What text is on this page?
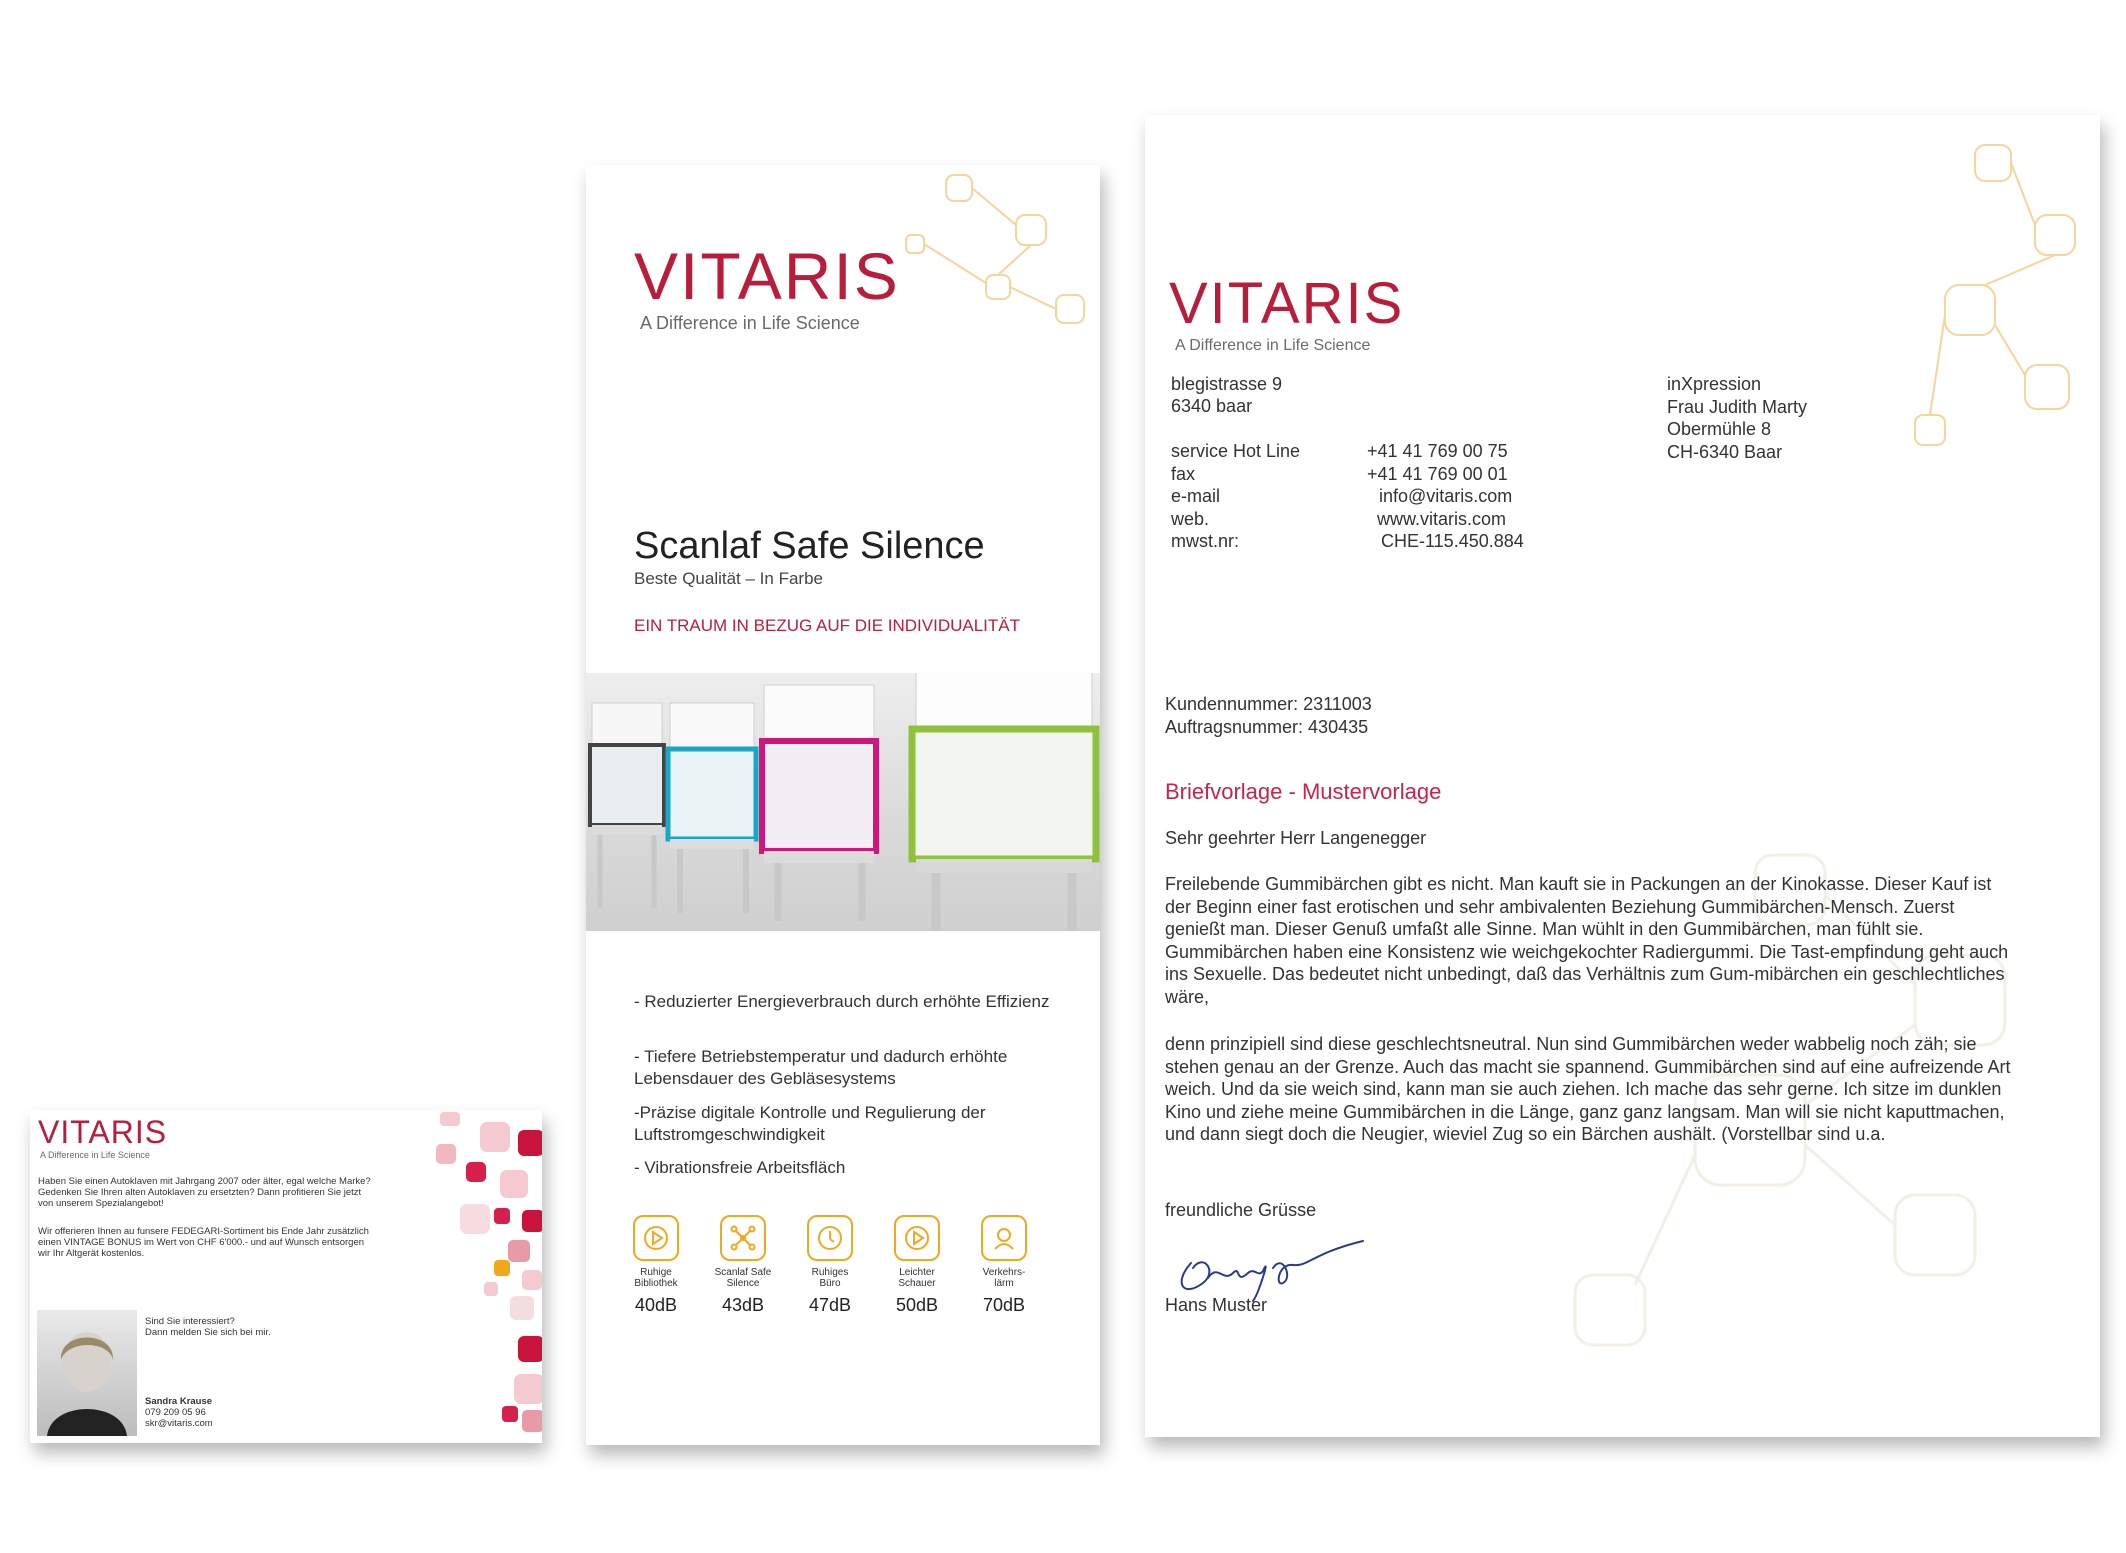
VITARIS
A Difference in Life Science
Scanlaf Safe Silence
Beste Qualität – In Farbe
EIN TRAUM IN BEZUG AUF DIE INDIVIDUALITÄT
- Reduzierter Energieverbrauch durch erhöhte Effizienz
- Tiefere Betriebstemperatur und dadurch erhöhte Lebensdauer des Gebläsesystems
-Präzise digitale Kontrolle und Regulierung der Luftstromgeschwindigkeit
- Vibrationsfreie Arbeitsfläch
Ruhige Bibliothek
40dB
Scanlaf Safe Silence
43dB
Ruhiges Büro
47dB
Leichter Schauer
50dB
Verkehrs-lärm
70dB
VITARIS
A Difference in Life Science
blegistrasse 9
6340 baar
service Hot Line
fax
e-mail
web.
mwst.nr:
+41 41 769 00 75
+41 41 769 00 01
info@vitaris.com
www.vitaris.com
CHE-115.450.884
inXpression
Frau Judith Marty
Obermühle 8
CH-6340 Baar
Kundennummer: 2311003
Auftragsnummer: 430435
Briefvorlage - Mustervorlage
Sehr geehrter Herr Langenegger
Freilebende Gummibärchen gibt es nicht. Man kauft sie in Packungen an der Kinokasse. Dieser Kauf ist der Beginn einer fast erotischen und sehr ambivalenten Beziehung Gummibärchen-Mensch. Zuerst genießt man. Dieser Genuß umfaßt alle Sinne. Man wühlt in den Gummibärchen, man fühlt sie. Gummibärchen haben eine Konsistenz wie weichgekochter Radiergummi. Die Tast-empfindung geht auch ins Sexuelle. Das bedeutet nicht unbedingt, daß das Verhältnis zum Gum-mibärchen ein geschlechtliches wäre,
denn prinzipiell sind diese geschlechtsneutral. Nun sind Gummibärchen weder wabbelig noch zäh; sie stehen genau an der Grenze. Auch das macht sie spannend. Gummibärchen sind auf eine aufreizende Art weich. Und da sie weich sind, kann man sie auch ziehen. Ich mache das sehr gerne. Ich sitze im dunklen Kino und ziehe meine Gummibärchen in die Länge, ganz ganz langsam. Man will sie nicht kaputtmachen, und dann siegt doch die Neugier, wieviel Zug so ein Bärchen aushält. (Vorstellbar sind u.a.
freundliche Grüsse
Hans Muster
VITARIS
A Difference in Life Science
Haben Sie einen Autoklaven mit Jahrgang 2007 oder älter, egal welche Marke? Gedenken Sie Ihren alten Autoklaven zu ersetzten? Dann profitieren Sie jetzt von unserem Spezialangebot!
Wir offerieren Ihnen au funsere FEDEGARI-Sortiment bis Ende Jahr zusätzlich einen VINTAGE BONUS im Wert von CHF 6'000.- und auf Wunsch entsorgen wir Ihr Altgerät kostenlos.
Sind Sie interessiert?
Dann melden Sie sich bei mir.
Sandra Krause
079 209 05 96
skr@vitaris.com
